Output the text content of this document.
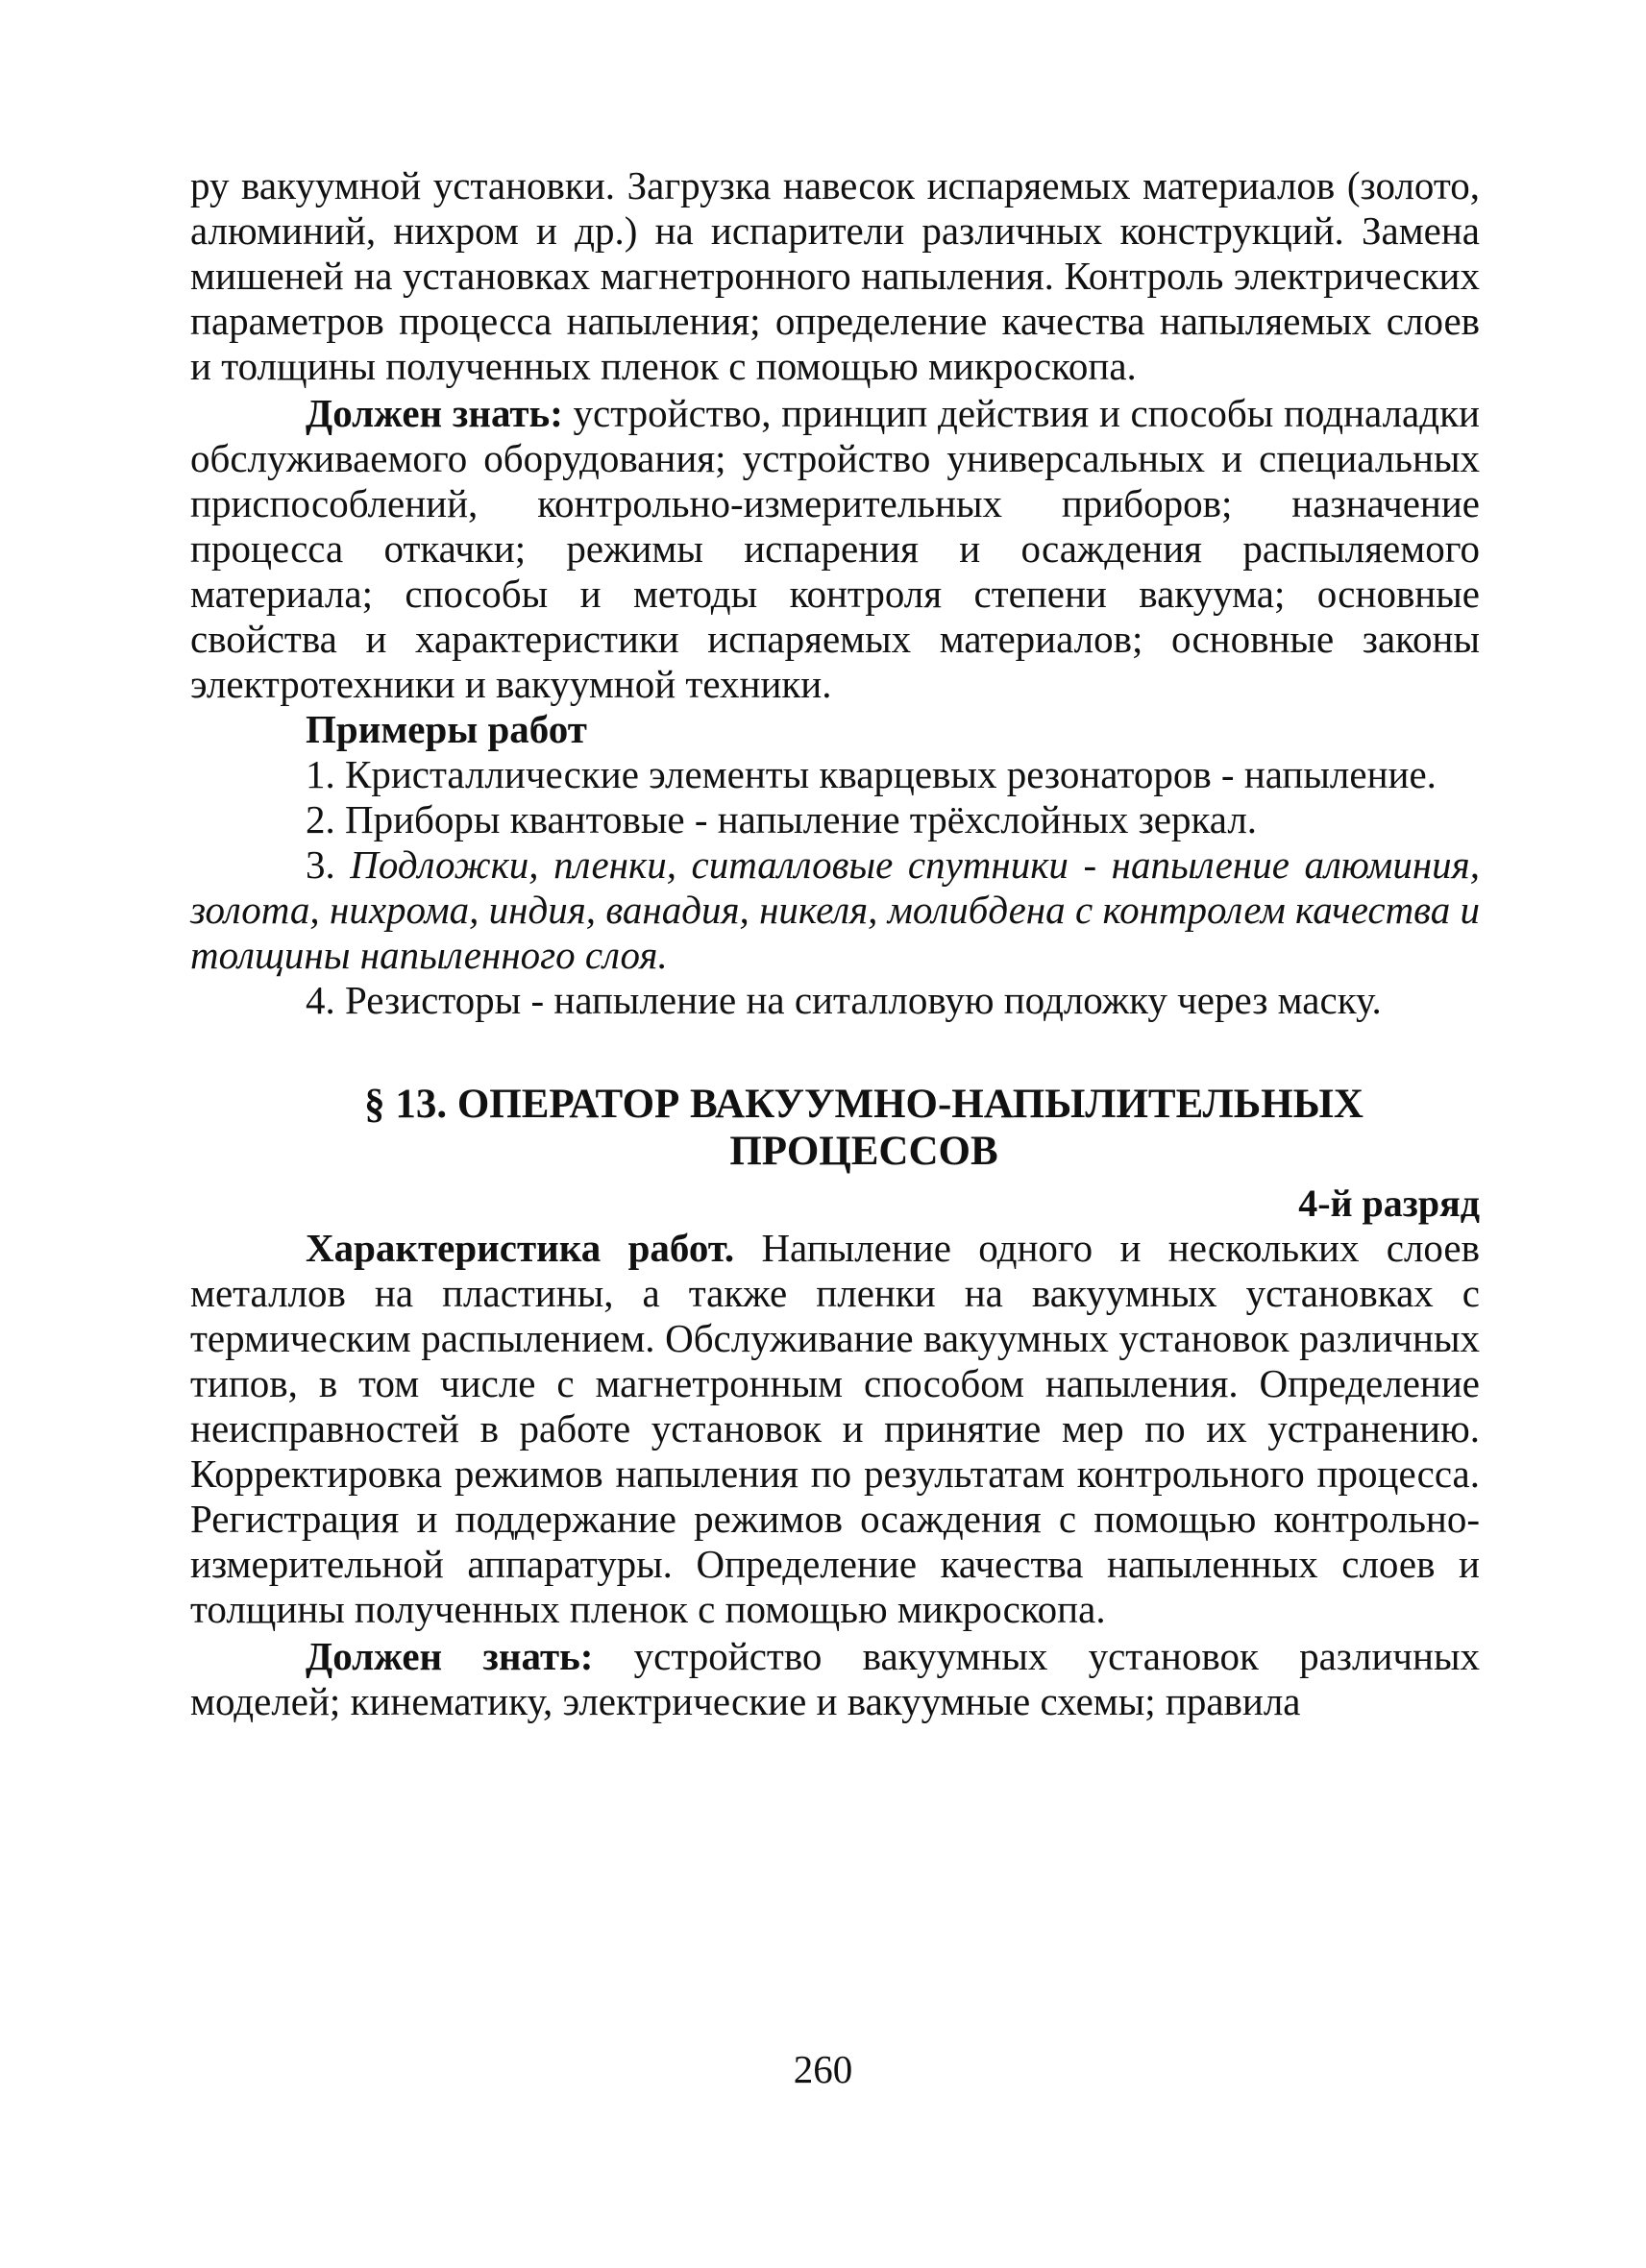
ру вакуумной установки. Загрузка навесок испаряемых материалов (золото, алюминий, нихром и др.) на испарители различных конструкций. Замена мишеней на установках магнетронного напыления. Контроль электрических параметров процесса напыления; определение качества напыляемых слоев и толщины полученных пленок с помощью микроскопа.

Должен знать: устройство, принцип действия и способы подналадки обслуживаемого оборудования; устройство универсальных и специальных приспособлений, контрольно-измерительных приборов; назначение процесса откачки; режимы испарения и осаждения распыляемого материала; способы и методы контроля степени вакуума; основные свойства и характеристики испаряемых материалов; основные законы электротехники и вакуумной техники.

Примеры работ

1. Кристаллические элементы кварцевых резонаторов - напыление.

2. Приборы квантовые - напыление трёхслойных зеркал.

3. Подложки, пленки, ситалловые спутники - напыление алюминия, золота, нихрома, индия, ванадия, никеля, молибдена с контролем качества и толщины напыленного слоя.

4. Резисторы - напыление на ситалловую подложку через маску.

§ 13. ОПЕРАТОР ВАКУУМНО-НАПЫЛИТЕЛЬНЫХ
ПРОЦЕССОВ
4-й разряд

Характеристика работ. Напыление одного и нескольких слоев металлов на пластины, а также пленки на вакуумных установках с термическим распылением. Обслуживание вакуумных установок различных типов, в том числе с магнетронным способом напыления. Определение неисправностей в работе установок и принятие мер по их устранению. Корректировка режимов напыления по результатам контрольного процесса. Регистрация и поддержание режимов осаждения с помощью контрольно-измерительной аппаратуры. Определение качества напыленных слоев и толщины полученных пленок с помощью микроскопа.

Должен знать: устройство вакуумных установок различных моделей; кинематику, электрические и вакуумные схемы; правила

260
